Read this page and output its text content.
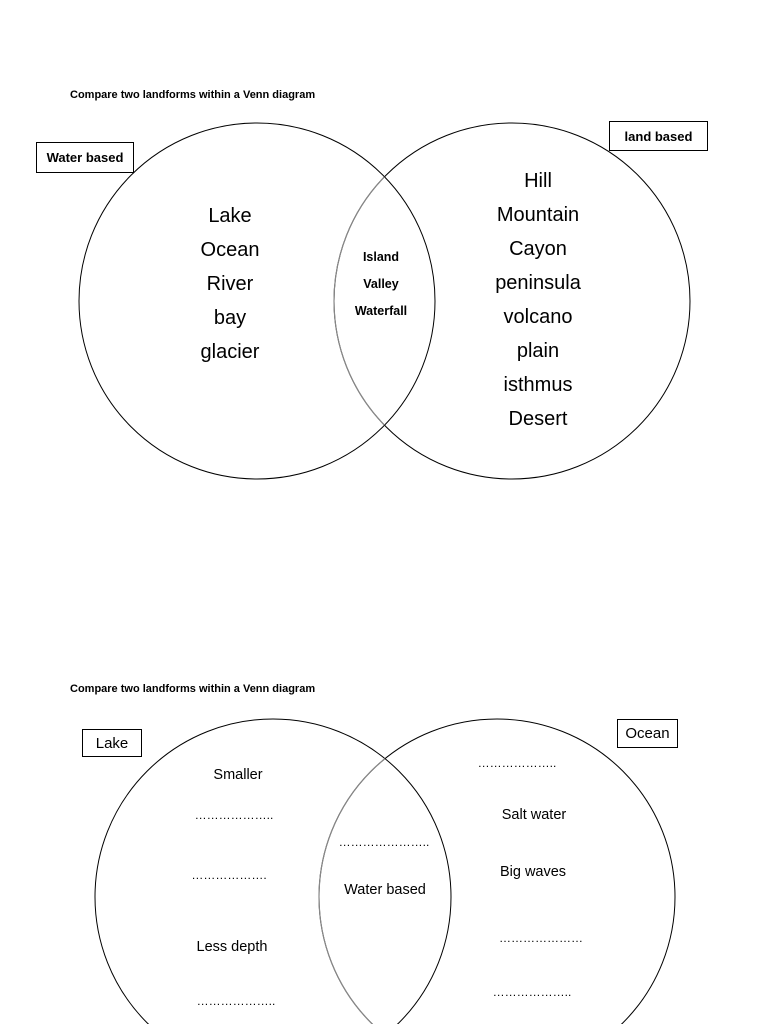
Compare two landforms within a Venn diagram
Water based
land based
Lake
Ocean
River
bay
glacier
Island
Valley
Waterfall
Hill
Mountain
Cayon
peninsula
volcano
plain
isthmus
Desert
Compare two landforms within a Venn diagram
Lake
Ocean
Smaller
………………..
……………….
Less depth
………………..
…………………..
Water based
………………..
Salt water
Big waves
…………………
………………..
